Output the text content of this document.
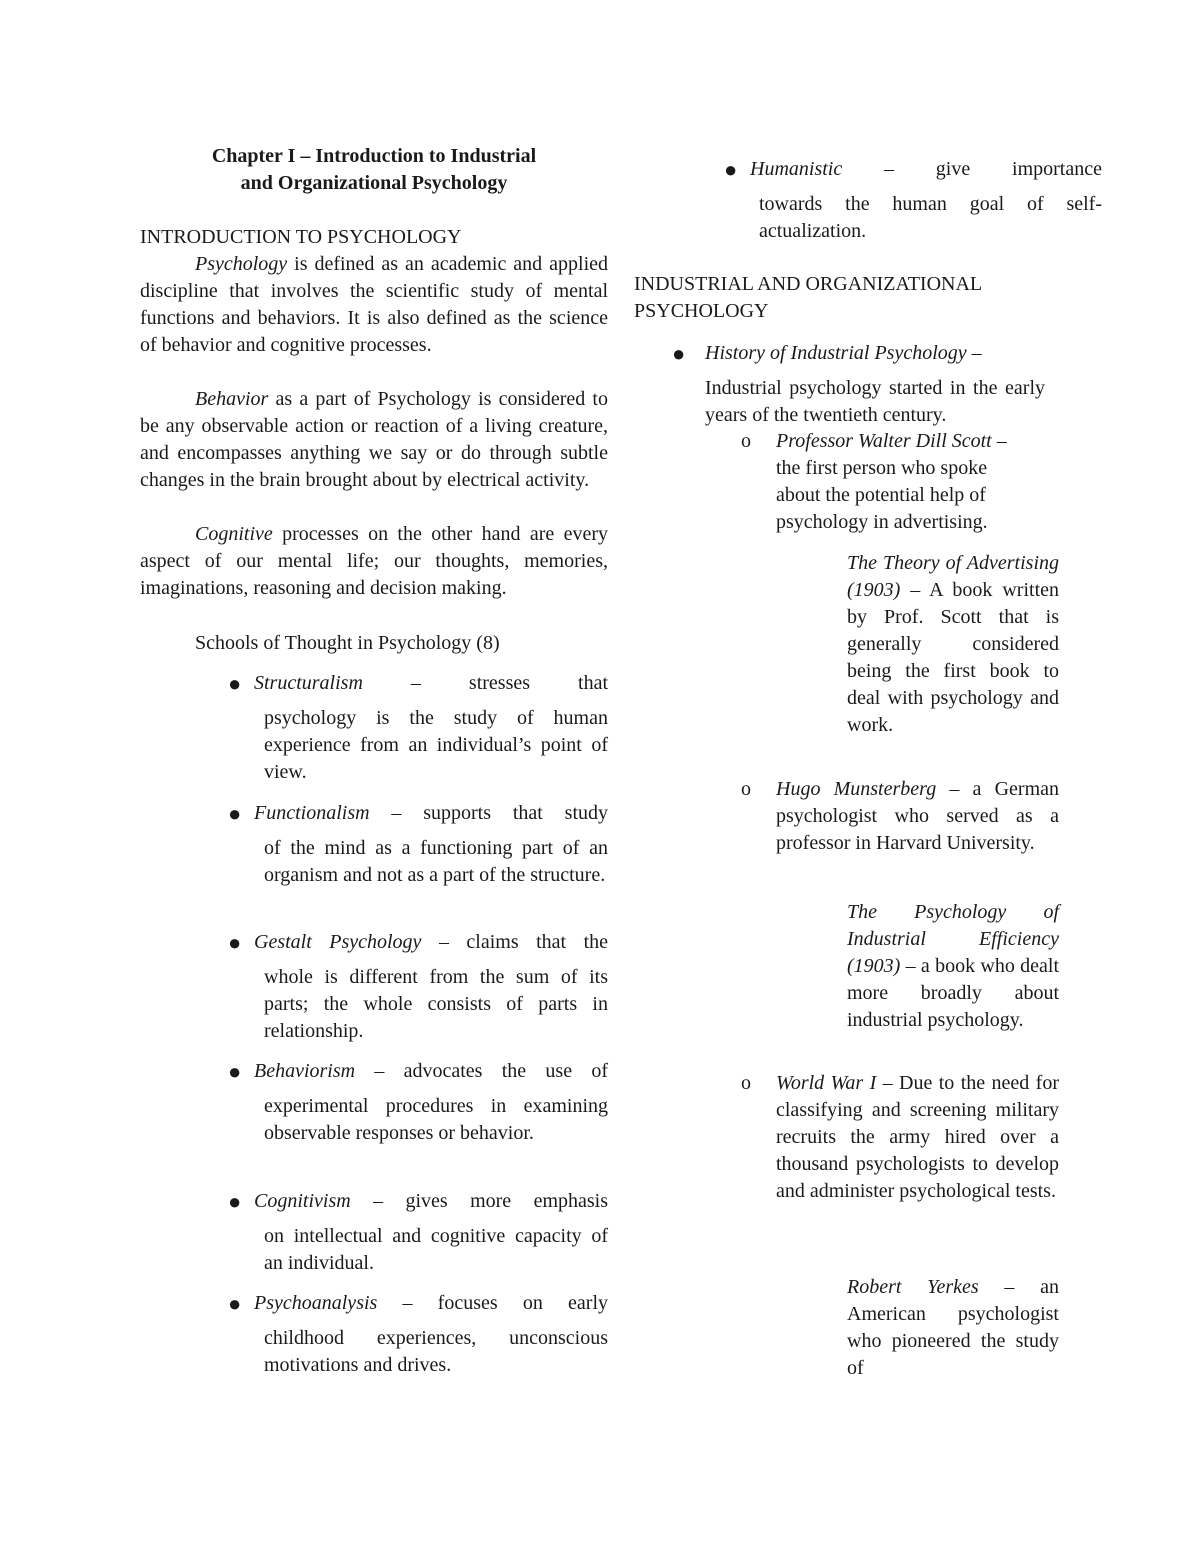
Chapter I – Introduction to Industrial
and Organizational Psychology
INTRODUCTION TO PSYCHOLOGY
Psychology is defined as an academic and applied discipline that involves the scientific study of mental functions and behaviors. It is also defined as the science of behavior and cognitive processes.
Behavior as a part of Psychology is considered to be any observable action or reaction of a living creature, and encompasses anything we say or do through subtle changes in the brain brought about by electrical activity.
Cognitive processes on the other hand are every aspect of our mental life; our thoughts, memories, imaginations, reasoning and decision making.
Schools of Thought in Psychology (8)
● Structuralism – stresses that
psychology is the study of human experience from an individual’s point of view.
● Functionalism – supports that study
of the mind as a functioning part of an organism and not as a part of the structure.
● Gestalt Psychology – claims that the
whole is different from the sum of its parts; the whole consists of parts in relationship.
● Behaviorism – advocates the use of
experimental procedures in examining observable responses or behavior.
● Cognitivism – gives more emphasis
on intellectual and cognitive capacity of an individual.
● Psychoanalysis – focuses on early
childhood experiences, unconscious motivations and drives.
● Humanistic – give importance
towards the human goal of self-actualization.
INDUSTRIAL AND ORGANIZATIONAL PSYCHOLOGY
● History of Industrial Psychology –
Industrial psychology started in the early years of the twentieth century.
o Professor Walter Dill Scott – the first person who spoke about the potential help of psychology in advertising.
The Theory of Advertising (1903) – A book written by Prof. Scott that is generally considered being the first book to deal with psychology and work.
o Hugo Munsterberg – a German psychologist who served as a professor in Harvard University.
The Psychology of Industrial Efficiency (1903) – a book who dealt more broadly about industrial psychology.
o World War I – Due to the need for classifying and screening military recruits the army hired over a thousand psychologists to develop and administer psychological tests.
Robert Yerkes – an American psychologist who pioneered the study of
